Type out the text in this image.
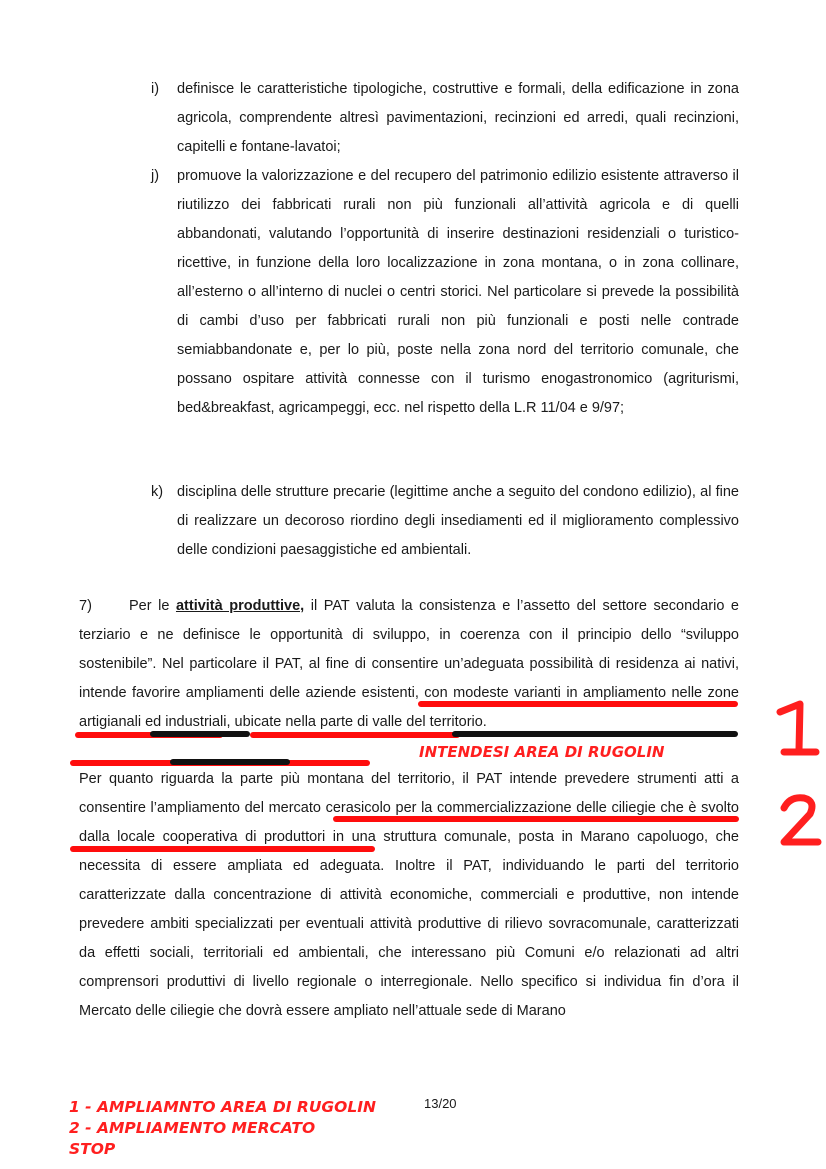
i) definisce le caratteristiche tipologiche, costruttive e formali, della edificazione in zona agricola, comprendente altresì pavimentazioni, recinzioni ed arredi, quali recinzioni, capitelli e fontane-lavatoi;
j) promuove la valorizzazione e del recupero del patrimonio edilizio esistente attraverso il riutilizzo dei fabbricati rurali non più funzionali all’attività agricola e di quelli abbandonati, valutando l’opportunità di inserire destinazioni residenziali o turistico-ricettive, in funzione della loro localizzazione in zona montana, o in zona collinare, all’esterno o all’interno di nuclei o centri storici. Nel particolare si prevede la possibilità di cambi d’uso per fabbricati rurali non più funzionali e posti nelle contrade semiabbandonate e, per lo più, poste nella zona nord del territorio comunale, che possano ospitare attività connesse con il turismo enogastronomico (agriturismi, bed&breakfast, agricampeggi, ecc. nel rispetto della L.R 11/04 e 9/97;
k) disciplina delle strutture precarie (legittime anche a seguito del condono edilizio), al fine di realizzare un decoroso riordino degli insediamenti ed il miglioramento complessivo delle condizioni paesaggistiche ed ambientali.
7)	Per le attività produttive, il PAT valuta la consistenza e l’assetto del settore secondario e terziario e ne definisce le opportunità di sviluppo, in coerenza con il principio dello “sviluppo sostenibile”. Nel particolare il PAT, al fine di consentire un’adeguata possibilità di residenza ai nativi, intende favorire ampliamenti delle aziende esistenti, con modeste varianti in ampliamento nelle zone artigianali ed industriali, ubicate nella parte di valle del territorio.
Per quanto riguarda la parte più montana del territorio, il PAT intende prevedere strumenti atti a consentire l’ampliamento del mercato cerasicolo per la commercializzazione delle ciliegie che è svolto dalla locale cooperativa di produttori in una struttura comunale, posta in Marano capoluogo, che necessita di essere ampliata ed adeguata. Inoltre il PAT, individuando le parti del territorio caratterizzate dalla concentrazione di attività economiche, commerciali e produttive, non intende prevedere ambiti specializzati per eventuali attività produttive di rilievo sovracomunale, caratterizzati da effetti sociali, territoriali ed ambientali, che interessano più Comuni e/o relazionati ad altri comprensori produttivi di livello regionale o interregionale. Nello specifico si individua fin d’ora il Mercato delle ciliegie che dovrà essere ampliato nell’attuale sede di Marano
INTENDESI AREA DI RUGOLIN
13/20
1 - AMPLIAMNTO AREA DI RUGOLIN
2 - AMPLIAMENTO MERCATO
STOP
